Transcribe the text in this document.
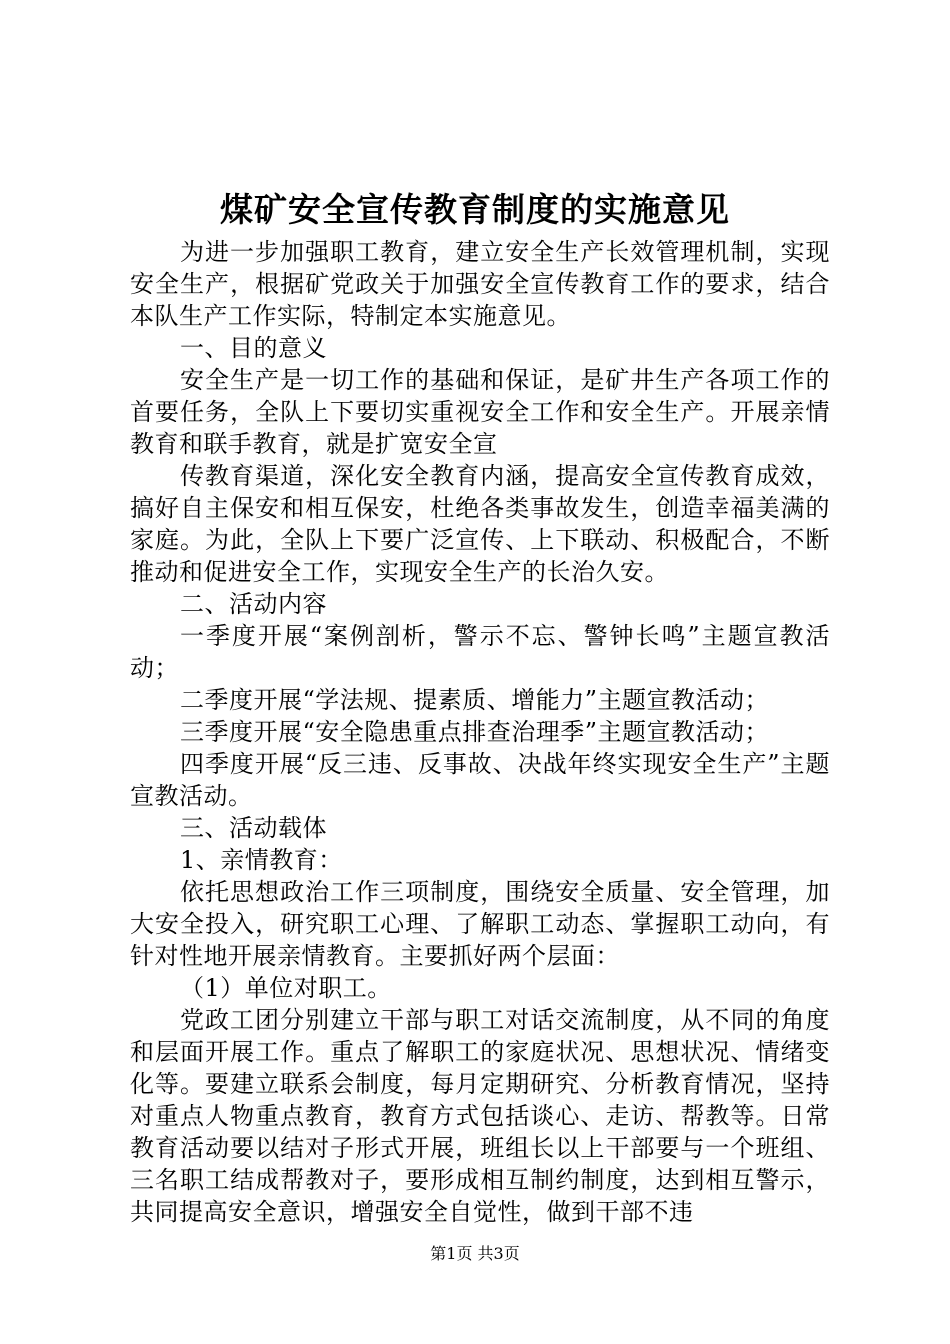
煤矿安全宣传教育制度的实施意见

为进一步加强职工教育，建立安全生产长效管理机制，实现安全生产，根据矿党政关于加强安全宣传教育工作的要求，结合本队生产工作实际，特制定本实施意见。

一、目的意义

安全生产是一切工作的基础和保证，是矿井生产各项工作的首要任务，全队上下要切实重视安全工作和安全生产。开展亲情教育和联手教育，就是扩宽安全宣

传教育渠道，深化安全教育内涵，提高安全宣传教育成效，搞好自主保安和相互保安，杜绝各类事故发生，创造幸福美满的家庭。为此，全队上下要广泛宣传、上下联动、积极配合，不断推动和促进安全工作，实现安全生产的长治久安。

二、活动内容

一季度开展“案例剖析，警示不忘、警钟长鸣”主题宣教活动；

二季度开展“学法规、提素质、增能力”主题宣教活动；

三季度开展“安全隐患重点排查治理季”主题宣教活动；

四季度开展“反三违、反事故、决战年终实现安全生产”主题宣教活动。

三、活动载体

1、亲情教育：

依托思想政治工作三项制度，围绕安全质量、安全管理，加大安全投入，研究职工心理、了解职工动态、掌握职工动向，有针对性地开展亲情教育。主要抓好两个层面：

（1）单位对职工。

党政工团分别建立干部与职工对话交流制度，从不同的角度和层面开展工作。重点了解职工的家庭状况、思想状况、情绪变化等。要建立联系会制度，每月定期研究、分析教育情况，坚持对重点人物重点教育，教育方式包括谈心、走访、帮教等。日常教育活动要以结对子形式开展，班组长以上干部要与一个班组、三名职工结成帮教对子，要形成相互制约制度，达到相互警示，共同提高安全意识，增强安全自觉性，做到干部不违

第1页 共3页
